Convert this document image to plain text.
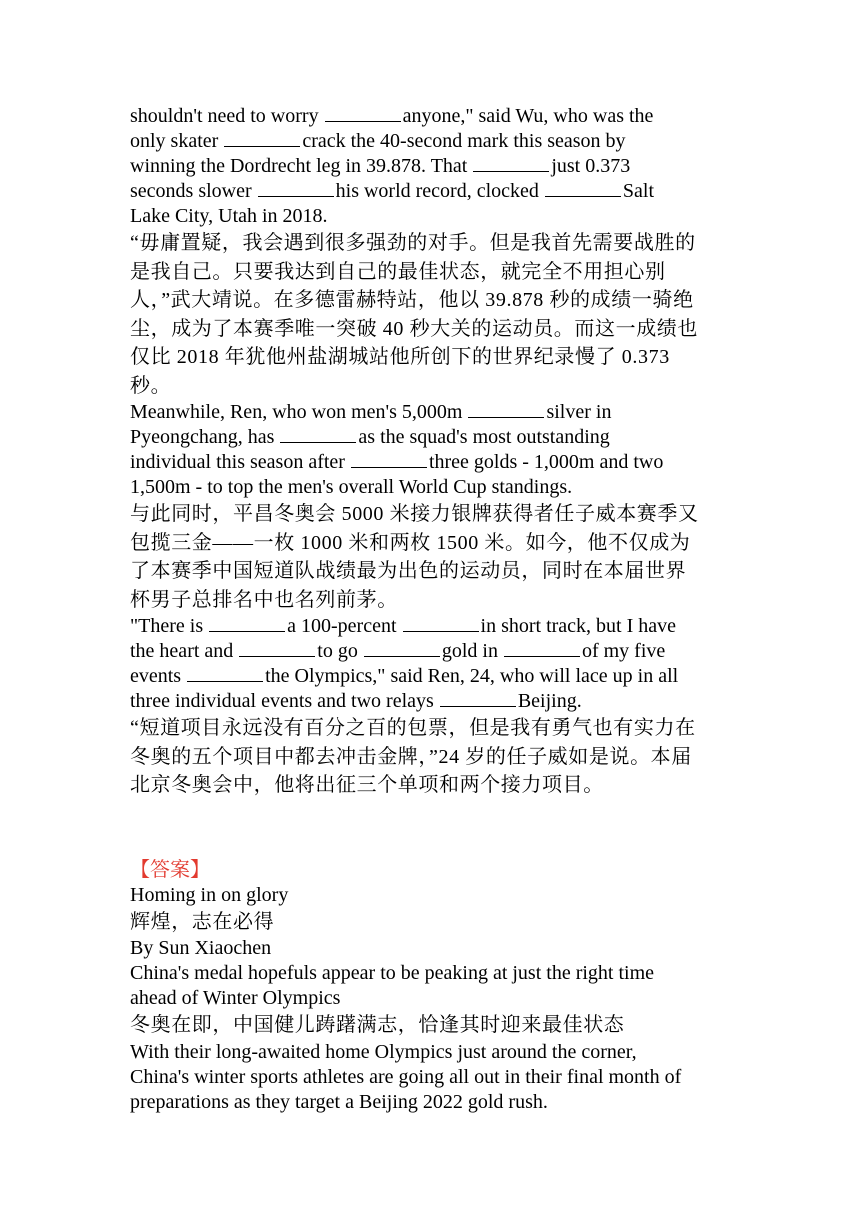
shouldn't need to worry	anyone," said Wu, who was the
only skater	crack the 40-second mark this season by
winning the Dordrecht leg in 39.878. That	just 0.373
seconds slower	his world record, clocked	Salt
Lake City, Utah in 2018.
“毋庸置疑，我会遇到很多强劲的对手。但是我首先需要战胜的
是我自己。只要我达到自己的最佳状态，就完全不用担心别
人，”武大靖说。在多德雷赫特站，他以 39.878 秒的成绩一骑绝
尘，成为了本赛季唯一突破 40 秒大关的运动员。而这一成绩也
仅比 2018 年犹他州盐湖城站他所创下的世界纪录慢了 0.373
秒。
Meanwhile, Ren, who won men's 5,000m	silver in
Pyeongchang, has	as the squad's most outstanding
individual this season after	three golds - 1,000m and two
1,500m - to top the men's overall World Cup standings.
与此同时，平昌冬奥会 5000 米接力银牌获得者任子威本赛季又
包揽三金——一枚 1000 米和两枚 1500 米。如今，他不仅成为
了本赛季中国短道队战绩最为出色的运动员，同时在本届世界
杯男子总排名中也名列前茅。
"There is	a 100-percent	in short track, but I have
the heart and	to go	gold in	of my five
events	the Olympics," said Ren, 24, who will lace up in all
three individual events and two relays	Beijing.
“短道项目永远没有百分之百的包票，但是我有勇气也有实力在
冬奥的五个项目中都去冲击金牌，”24 岁的任子威如是说。本届
北京冬奥会中，他将出征三个单项和两个接力项目。
【答案】
Homing in on glory
辉煌，志在必得
By Sun Xiaochen
China's medal hopefuls appear to be peaking at just the right time
ahead of Winter Olympics
冬奥在即，中国健儿踌躇满志，恰逢其时迎来最佳状态
With their long-awaited home Olympics just around the corner,
China's winter sports athletes are going all out in their final month of
preparations as they target a Beijing 2022 gold rush.
